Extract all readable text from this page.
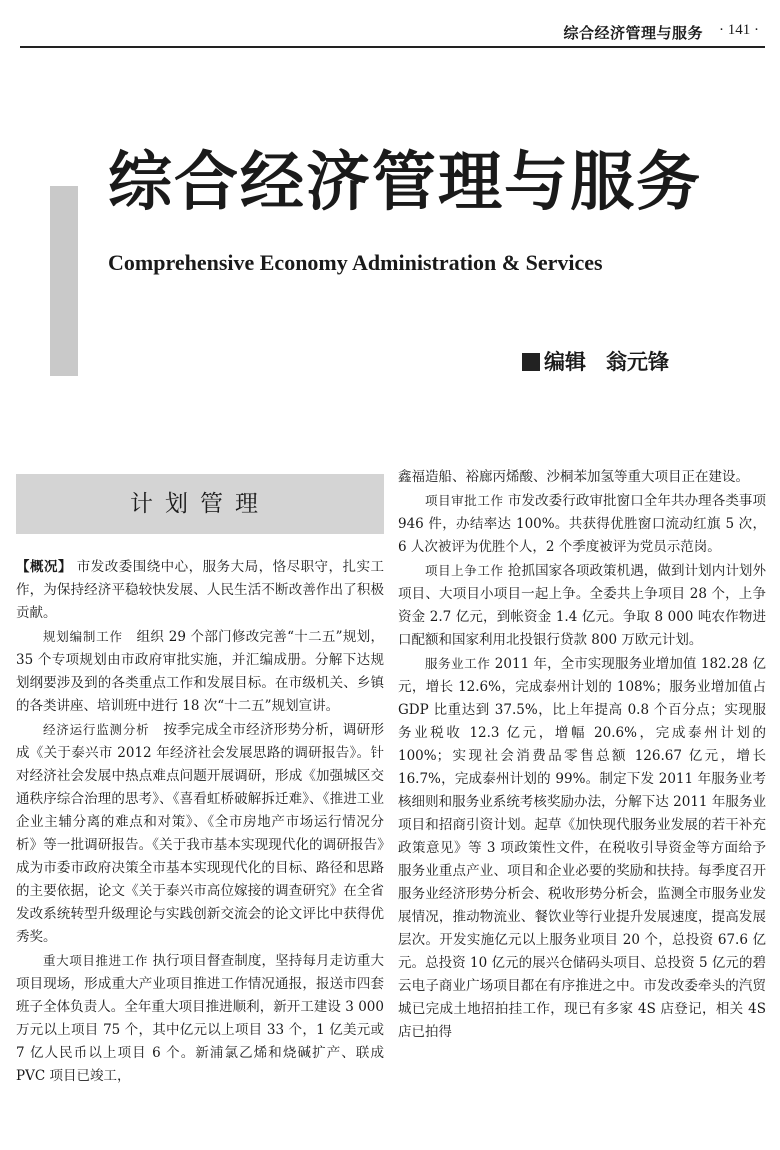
综合经济管理与服务 · 141 ·
综合经济管理与服务
Comprehensive Economy Administration & Services
编辑 翁元锋
计划管理

【概况】 市发改委围绕中心，服务大局，恪尽职守，扎实工作，为保持经济平稳较快发展、人民生活不断改善作出了积极贡献。

规划编制工作　 组织 29 个部门修改完善“十二五”规划，35 个专项规划由市政府审批实施，并汇编成册。分解下达规划纲要涉及到的各类重点工作和发展目标。在市级机关、乡镇的各类讲座、培训班中进行 18 次“十二五”规划宣讲。

经济运行监测分析　 按季完成全市经济形势分析，调研形成《关于泰兴市 2012 年经济社会发展思路的调研报告》。针对经济社会发展中热点难点问题开展调研，形成《加强城区交通秩序综合治理的思考》、《喜看虹桥破解拆迁难》、《推进工业企业主辅分离的难点和对策》、《全市房地产市场运行情况分析》等一批调研报告。《关于我市基本实现现代化的调研报告》成为市委市政府决策全市基本实现现代化的目标、路径和思路的主要依据，论文《关于泰兴市高位嫁接的调查研究》在全省发改系统转型升级理论与实践创新交流会的论文评比中获得优秀奖。

重大项目推进工作 执行项目督查制度，坚持每月走访重大项目现场，形成重大产业项目推进工作情况通报，报送市四套班子全体负责人。全年重大项目推进顺利，新开工建设 3 000 万元以上项目 75 个，其中亿元以上项目 33 个，1 亿美元或 7 亿人民币以上项目 6 个。新浦氯乙烯和烧碱扩产、联成 PVC 项目已竣工，

鑫福造船、裕廊丙烯酸、沙桐苯加氢等重大项目正在建设。

项目审批工作 市发改委行政审批窗口全年共办理各类事项 946 件，办结率达 100%。共获得优胜窗口流动红旗 5 次，6 人次被评为优胜个人，2 个季度被评为党员示范岗。

项目上争工作 抢抓国家各项政策机遇，做到计划内计划外项目、大项目小项目一起上争。全委共上争项目 28 个，上争资金 2.7 亿元，到帐资金 1.4 亿元。争取 8 000 吨农作物进口配额和国家利用北投银行贷款 800 万欧元计划。

服务业工作 2011 年，全市实现服务业增加值 182.28 亿元，增长 12.6%，完成泰州计划的 108%；服务业增加值占 GDP 比重达到 37.5%，比上年提高 0.8 个百分点；实现服务业税收 12.3 亿元，增幅 20.6%，完成泰州计划的 100%；实现社会消费品零售总额 126.67 亿元，增长 16.7%，完成泰州计划的 99%。制定下发 2011 年服务业考核细则和服务业系统考核奖励办法，分解下达 2011 年服务业项目和招商引资计划。起草《加快现代服务业发展的若干补充政策意见》等 3 项政策性文件，在税收引导资金等方面给予服务业重点产业、项目和企业必要的奖励和扶持。每季度召开服务业经济形势分析会、税收形势分析会，监测全市服务业发展情况，推动物流业、餐饮业等行业提升发展速度，提高发展层次。开发实施亿元以上服务业项目 20 个，总投资 67.6 亿元。总投资 10 亿元的展兴仓储码头项目、总投资 5 亿元的碧云电子商业广场项目都在有序推进之中。市发改委牵头的汽贸城已完成土地招拍挂工作，现已有多家 4S 店登记，相关 4S 店已拍得
